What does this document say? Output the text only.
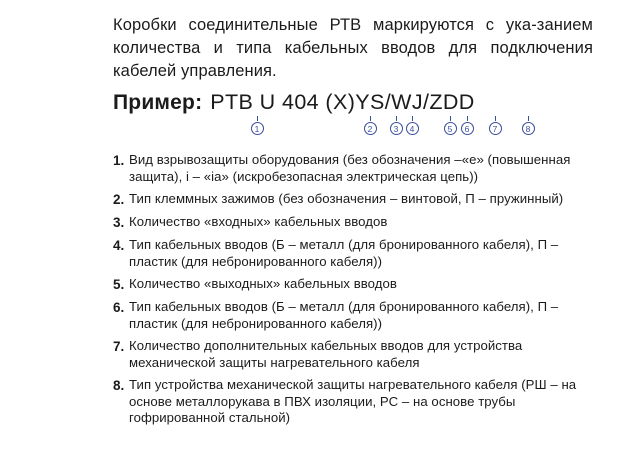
Коробки соединительные РТВ маркируются с ука-занием количества и типа кабельных вводов для подключения кабелей управления.

Пример: PTB U 404 (X)YS/WJ/ZDD
1	2	3	4	5	6	7	8
1. Вид взрывозащиты оборудования (без обозначения –«е» (повышенная защита), i – «ia» (искробезопасная электрическая цепь))
2. Тип клеммных зажимов (без обозначения – винтовой, П – пружинный)
3. Количество «входных» кабельных вводов
4. Тип кабельных вводов (Б – металл (для бронированного кабеля), П – пластик (для небронированного кабеля))
5. Количество «выходных» кабельных вводов
6. Тип кабельных вводов (Б – металл (для бронированного кабеля), П – пластик (для небронированного кабеля))
7. Количество дополнительных кабельных вводов для устройства механической защиты нагревательного кабеля
8. Тип устройства механической защиты нагревательного кабеля (РШ – на основе металлорукава в ПВХ изоляции, РС – на основе трубы гофрированной стальной)
